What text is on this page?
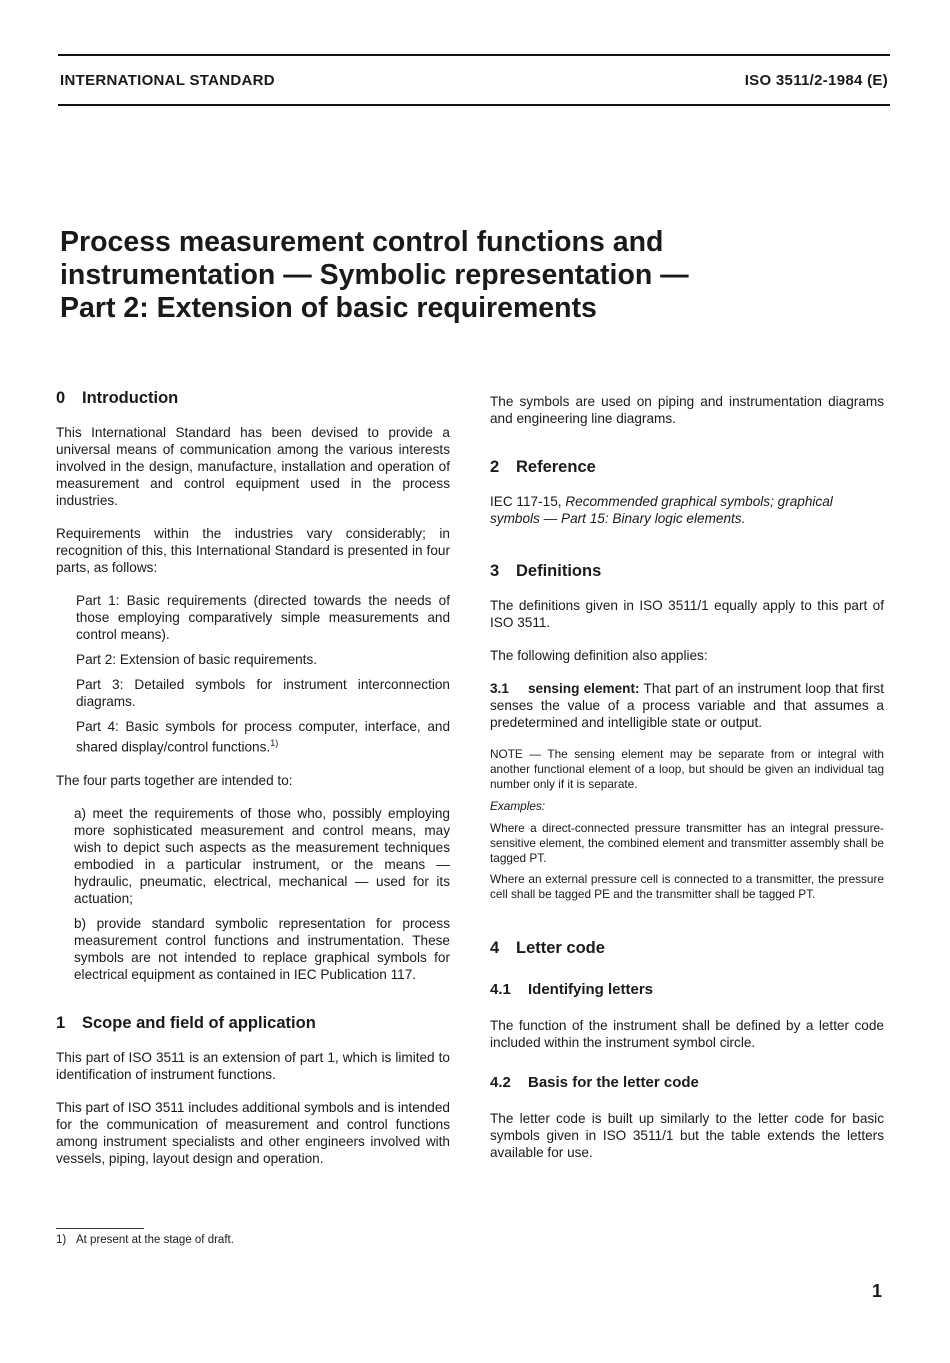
INTERNATIONAL STANDARD	ISO 3511/2-1984 (E)
Process measurement control functions and
instrumentation — Symbolic representation —
Part 2: Extension of basic requirements
0 Introduction

This International Standard has been devised to provide a universal means of communication among the various interests involved in the design, manufacture, installation and operation of measurement and control equipment used in the process industries.

Requirements within the industries vary considerably; in recognition of this, this International Standard is presented in four parts, as follows:

Part 1: Basic requirements (directed towards the needs of those employing comparatively simple measurements and control means).

Part 2: Extension of basic requirements.

Part 3: Detailed symbols for instrument interconnection diagrams.

Part 4: Basic symbols for process computer, interface, and shared display/control functions.$^{1)}$

The four parts together are intended to:

a) meet the requirements of those who, possibly employing more sophisticated measurement and control means, may wish to depict such aspects as the measurement techniques embodied in a particular instrument, or the means — hydraulic, pneumatic, electrical, mechanical — used for its actuation;

b) provide standard symbolic representation for process measurement control functions and instrumentation. These symbols are not intended to replace graphical symbols for electrical equipment as contained in IEC Publication 117.

1 Scope and field of application

This part of ISO 3511 is an extension of part 1, which is limited to identification of instrument functions.

This part of ISO 3511 includes additional symbols and is intended for the communication of measurement and control functions among instrument specialists and other engineers involved with vessels, piping, layout design and operation.

The symbols are used on piping and instrumentation diagrams and engineering line diagrams.

2 Reference

IEC 117-15, Recommended graphical symbols; graphical symbols — Part 15: Binary logic elements.

3 Definitions

The definitions given in ISO 3511/1 equally apply to this part of ISO 3511.

The following definition also applies:

3.1 sensing element: That part of an instrument loop that first senses the value of a process variable and that assumes a predetermined and intelligible state or output.

NOTE — The sensing element may be separate from or integral with another functional element of a loop, but should be given an individual tag number only if it is separate.

Examples:

Where a direct-connected pressure transmitter has an integral pressure-sensitive element, the combined element and transmitter assembly shall be tagged PT.

Where an external pressure cell is connected to a transmitter, the pressure cell shall be tagged PE and the transmitter shall be tagged PT.

4 Letter code
4.1 Identifying letters

The function of the instrument shall be defined by a letter code included within the instrument symbol circle.

4.2 Basis for the letter code

The letter code is built up similarly to the letter code for basic symbols given in ISO 3511/1 but the table extends the letters available for use.

1) At present at the stage of draft.
1
